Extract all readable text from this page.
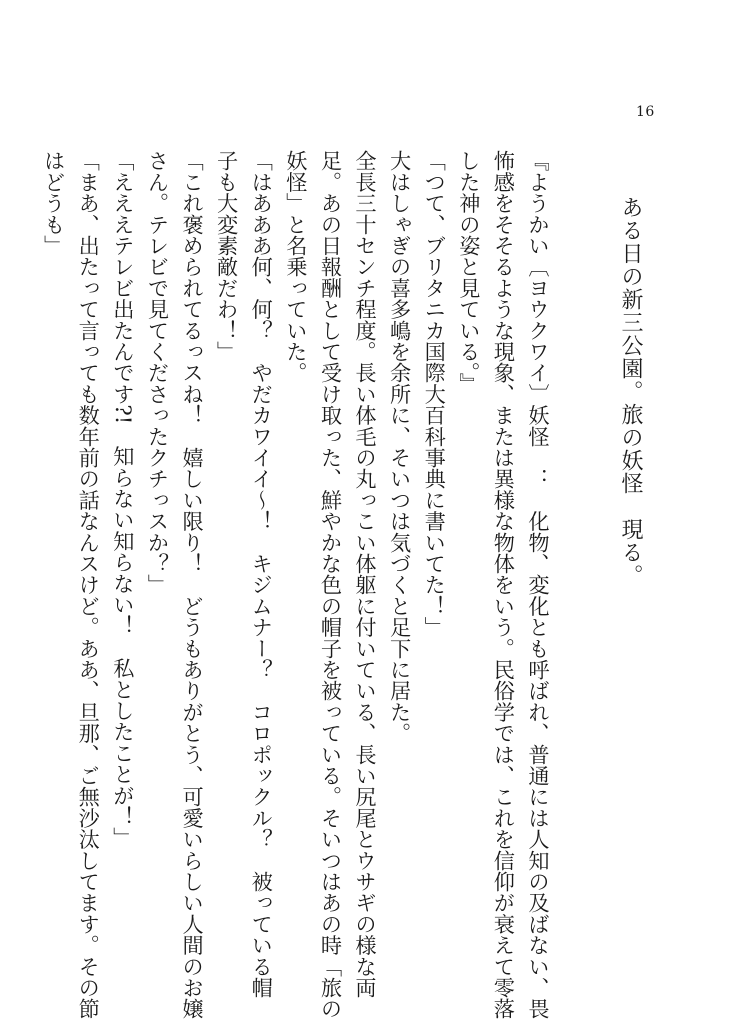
16
ある日の新三公園。旅の妖怪　現る。
『ようかい〔ヨウクワイ〕妖怪　：　化物、変化とも呼ばれ、普通には人知の及ばない、畏
怖感をそそるような現象、または異様な物体をいう。民俗学では、これを信仰が衰えて零落
した神の姿と見ている。』
「つて、ブリタニカ国際大百科事典に書いてた！」
大はしゃぎの喜多嶋を余所に、そいつは気づくと足下に居た。
全長三十センチ程度。長い体毛の丸っこい体躯に付いている、長い尻尾とウサギの様な両
足。あの日報酬として受け取った、鮮やかな色の帽子を被っている。そいつはあの時「旅の
妖怪」と名乗っていた。
「はあああ何、何？　やだカワイイ〜！　キジムナー？　コロポックル？　被っている帽
子も大変素敵だわ！」
「これ褒められてるっスね！　嬉しい限り！　どうもありがとう、可愛いらしい人間のお嬢
さん。テレビで見てくださったクチっスか？」
「えええテレビ出たんです?!　知らない知らない！　私としたことが！」
「まあ、出たって言っても数年前の話なんスけど。ああ、旦那、ご無沙汰してます。その節
はどうも」
